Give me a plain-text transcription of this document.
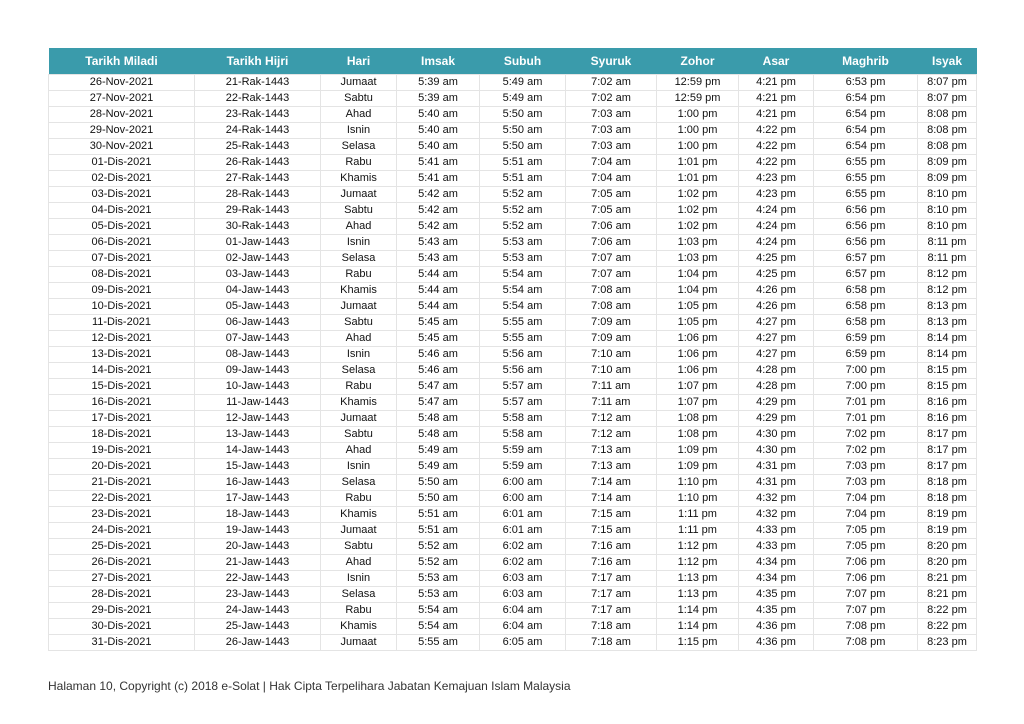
Tarikh Miladi	Tarikh Hijri	Hari	Imsak	Subuh	Syuruk	Zohor	Asar	Maghrib	Isyak
26-Nov-2021	21-Rak-1443	Jumaat	5:39 am	5:49 am	7:02 am	12:59 pm	4:21 pm	6:53 pm	8:07 pm
27-Nov-2021	22-Rak-1443	Sabtu	5:39 am	5:49 am	7:02 am	12:59 pm	4:21 pm	6:54 pm	8:07 pm
28-Nov-2021	23-Rak-1443	Ahad	5:40 am	5:50 am	7:03 am	1:00 pm	4:21 pm	6:54 pm	8:08 pm
29-Nov-2021	24-Rak-1443	Isnin	5:40 am	5:50 am	7:03 am	1:00 pm	4:22 pm	6:54 pm	8:08 pm
30-Nov-2021	25-Rak-1443	Selasa	5:40 am	5:50 am	7:03 am	1:00 pm	4:22 pm	6:54 pm	8:08 pm
01-Dis-2021	26-Rak-1443	Rabu	5:41 am	5:51 am	7:04 am	1:01 pm	4:22 pm	6:55 pm	8:09 pm
02-Dis-2021	27-Rak-1443	Khamis	5:41 am	5:51 am	7:04 am	1:01 pm	4:23 pm	6:55 pm	8:09 pm
03-Dis-2021	28-Rak-1443	Jumaat	5:42 am	5:52 am	7:05 am	1:02 pm	4:23 pm	6:55 pm	8:10 pm
04-Dis-2021	29-Rak-1443	Sabtu	5:42 am	5:52 am	7:05 am	1:02 pm	4:24 pm	6:56 pm	8:10 pm
05-Dis-2021	30-Rak-1443	Ahad	5:42 am	5:52 am	7:06 am	1:02 pm	4:24 pm	6:56 pm	8:10 pm
06-Dis-2021	01-Jaw-1443	Isnin	5:43 am	5:53 am	7:06 am	1:03 pm	4:24 pm	6:56 pm	8:11 pm
07-Dis-2021	02-Jaw-1443	Selasa	5:43 am	5:53 am	7:07 am	1:03 pm	4:25 pm	6:57 pm	8:11 pm
08-Dis-2021	03-Jaw-1443	Rabu	5:44 am	5:54 am	7:07 am	1:04 pm	4:25 pm	6:57 pm	8:12 pm
09-Dis-2021	04-Jaw-1443	Khamis	5:44 am	5:54 am	7:08 am	1:04 pm	4:26 pm	6:58 pm	8:12 pm
10-Dis-2021	05-Jaw-1443	Jumaat	5:44 am	5:54 am	7:08 am	1:05 pm	4:26 pm	6:58 pm	8:13 pm
11-Dis-2021	06-Jaw-1443	Sabtu	5:45 am	5:55 am	7:09 am	1:05 pm	4:27 pm	6:58 pm	8:13 pm
12-Dis-2021	07-Jaw-1443	Ahad	5:45 am	5:55 am	7:09 am	1:06 pm	4:27 pm	6:59 pm	8:14 pm
13-Dis-2021	08-Jaw-1443	Isnin	5:46 am	5:56 am	7:10 am	1:06 pm	4:27 pm	6:59 pm	8:14 pm
14-Dis-2021	09-Jaw-1443	Selasa	5:46 am	5:56 am	7:10 am	1:06 pm	4:28 pm	7:00 pm	8:15 pm
15-Dis-2021	10-Jaw-1443	Rabu	5:47 am	5:57 am	7:11 am	1:07 pm	4:28 pm	7:00 pm	8:15 pm
16-Dis-2021	11-Jaw-1443	Khamis	5:47 am	5:57 am	7:11 am	1:07 pm	4:29 pm	7:01 pm	8:16 pm
17-Dis-2021	12-Jaw-1443	Jumaat	5:48 am	5:58 am	7:12 am	1:08 pm	4:29 pm	7:01 pm	8:16 pm
18-Dis-2021	13-Jaw-1443	Sabtu	5:48 am	5:58 am	7:12 am	1:08 pm	4:30 pm	7:02 pm	8:17 pm
19-Dis-2021	14-Jaw-1443	Ahad	5:49 am	5:59 am	7:13 am	1:09 pm	4:30 pm	7:02 pm	8:17 pm
20-Dis-2021	15-Jaw-1443	Isnin	5:49 am	5:59 am	7:13 am	1:09 pm	4:31 pm	7:03 pm	8:17 pm
21-Dis-2021	16-Jaw-1443	Selasa	5:50 am	6:00 am	7:14 am	1:10 pm	4:31 pm	7:03 pm	8:18 pm
22-Dis-2021	17-Jaw-1443	Rabu	5:50 am	6:00 am	7:14 am	1:10 pm	4:32 pm	7:04 pm	8:18 pm
23-Dis-2021	18-Jaw-1443	Khamis	5:51 am	6:01 am	7:15 am	1:11 pm	4:32 pm	7:04 pm	8:19 pm
24-Dis-2021	19-Jaw-1443	Jumaat	5:51 am	6:01 am	7:15 am	1:11 pm	4:33 pm	7:05 pm	8:19 pm
25-Dis-2021	20-Jaw-1443	Sabtu	5:52 am	6:02 am	7:16 am	1:12 pm	4:33 pm	7:05 pm	8:20 pm
26-Dis-2021	21-Jaw-1443	Ahad	5:52 am	6:02 am	7:16 am	1:12 pm	4:34 pm	7:06 pm	8:20 pm
27-Dis-2021	22-Jaw-1443	Isnin	5:53 am	6:03 am	7:17 am	1:13 pm	4:34 pm	7:06 pm	8:21 pm
28-Dis-2021	23-Jaw-1443	Selasa	5:53 am	6:03 am	7:17 am	1:13 pm	4:35 pm	7:07 pm	8:21 pm
29-Dis-2021	24-Jaw-1443	Rabu	5:54 am	6:04 am	7:17 am	1:14 pm	4:35 pm	7:07 pm	8:22 pm
30-Dis-2021	25-Jaw-1443	Khamis	5:54 am	6:04 am	7:18 am	1:14 pm	4:36 pm	7:08 pm	8:22 pm
31-Dis-2021	26-Jaw-1443	Jumaat	5:55 am	6:05 am	7:18 am	1:15 pm	4:36 pm	7:08 pm	8:23 pm
Halaman 10, Copyright (c) 2018 e-Solat | Hak Cipta Terpelihara Jabatan Kemajuan Islam Malaysia
